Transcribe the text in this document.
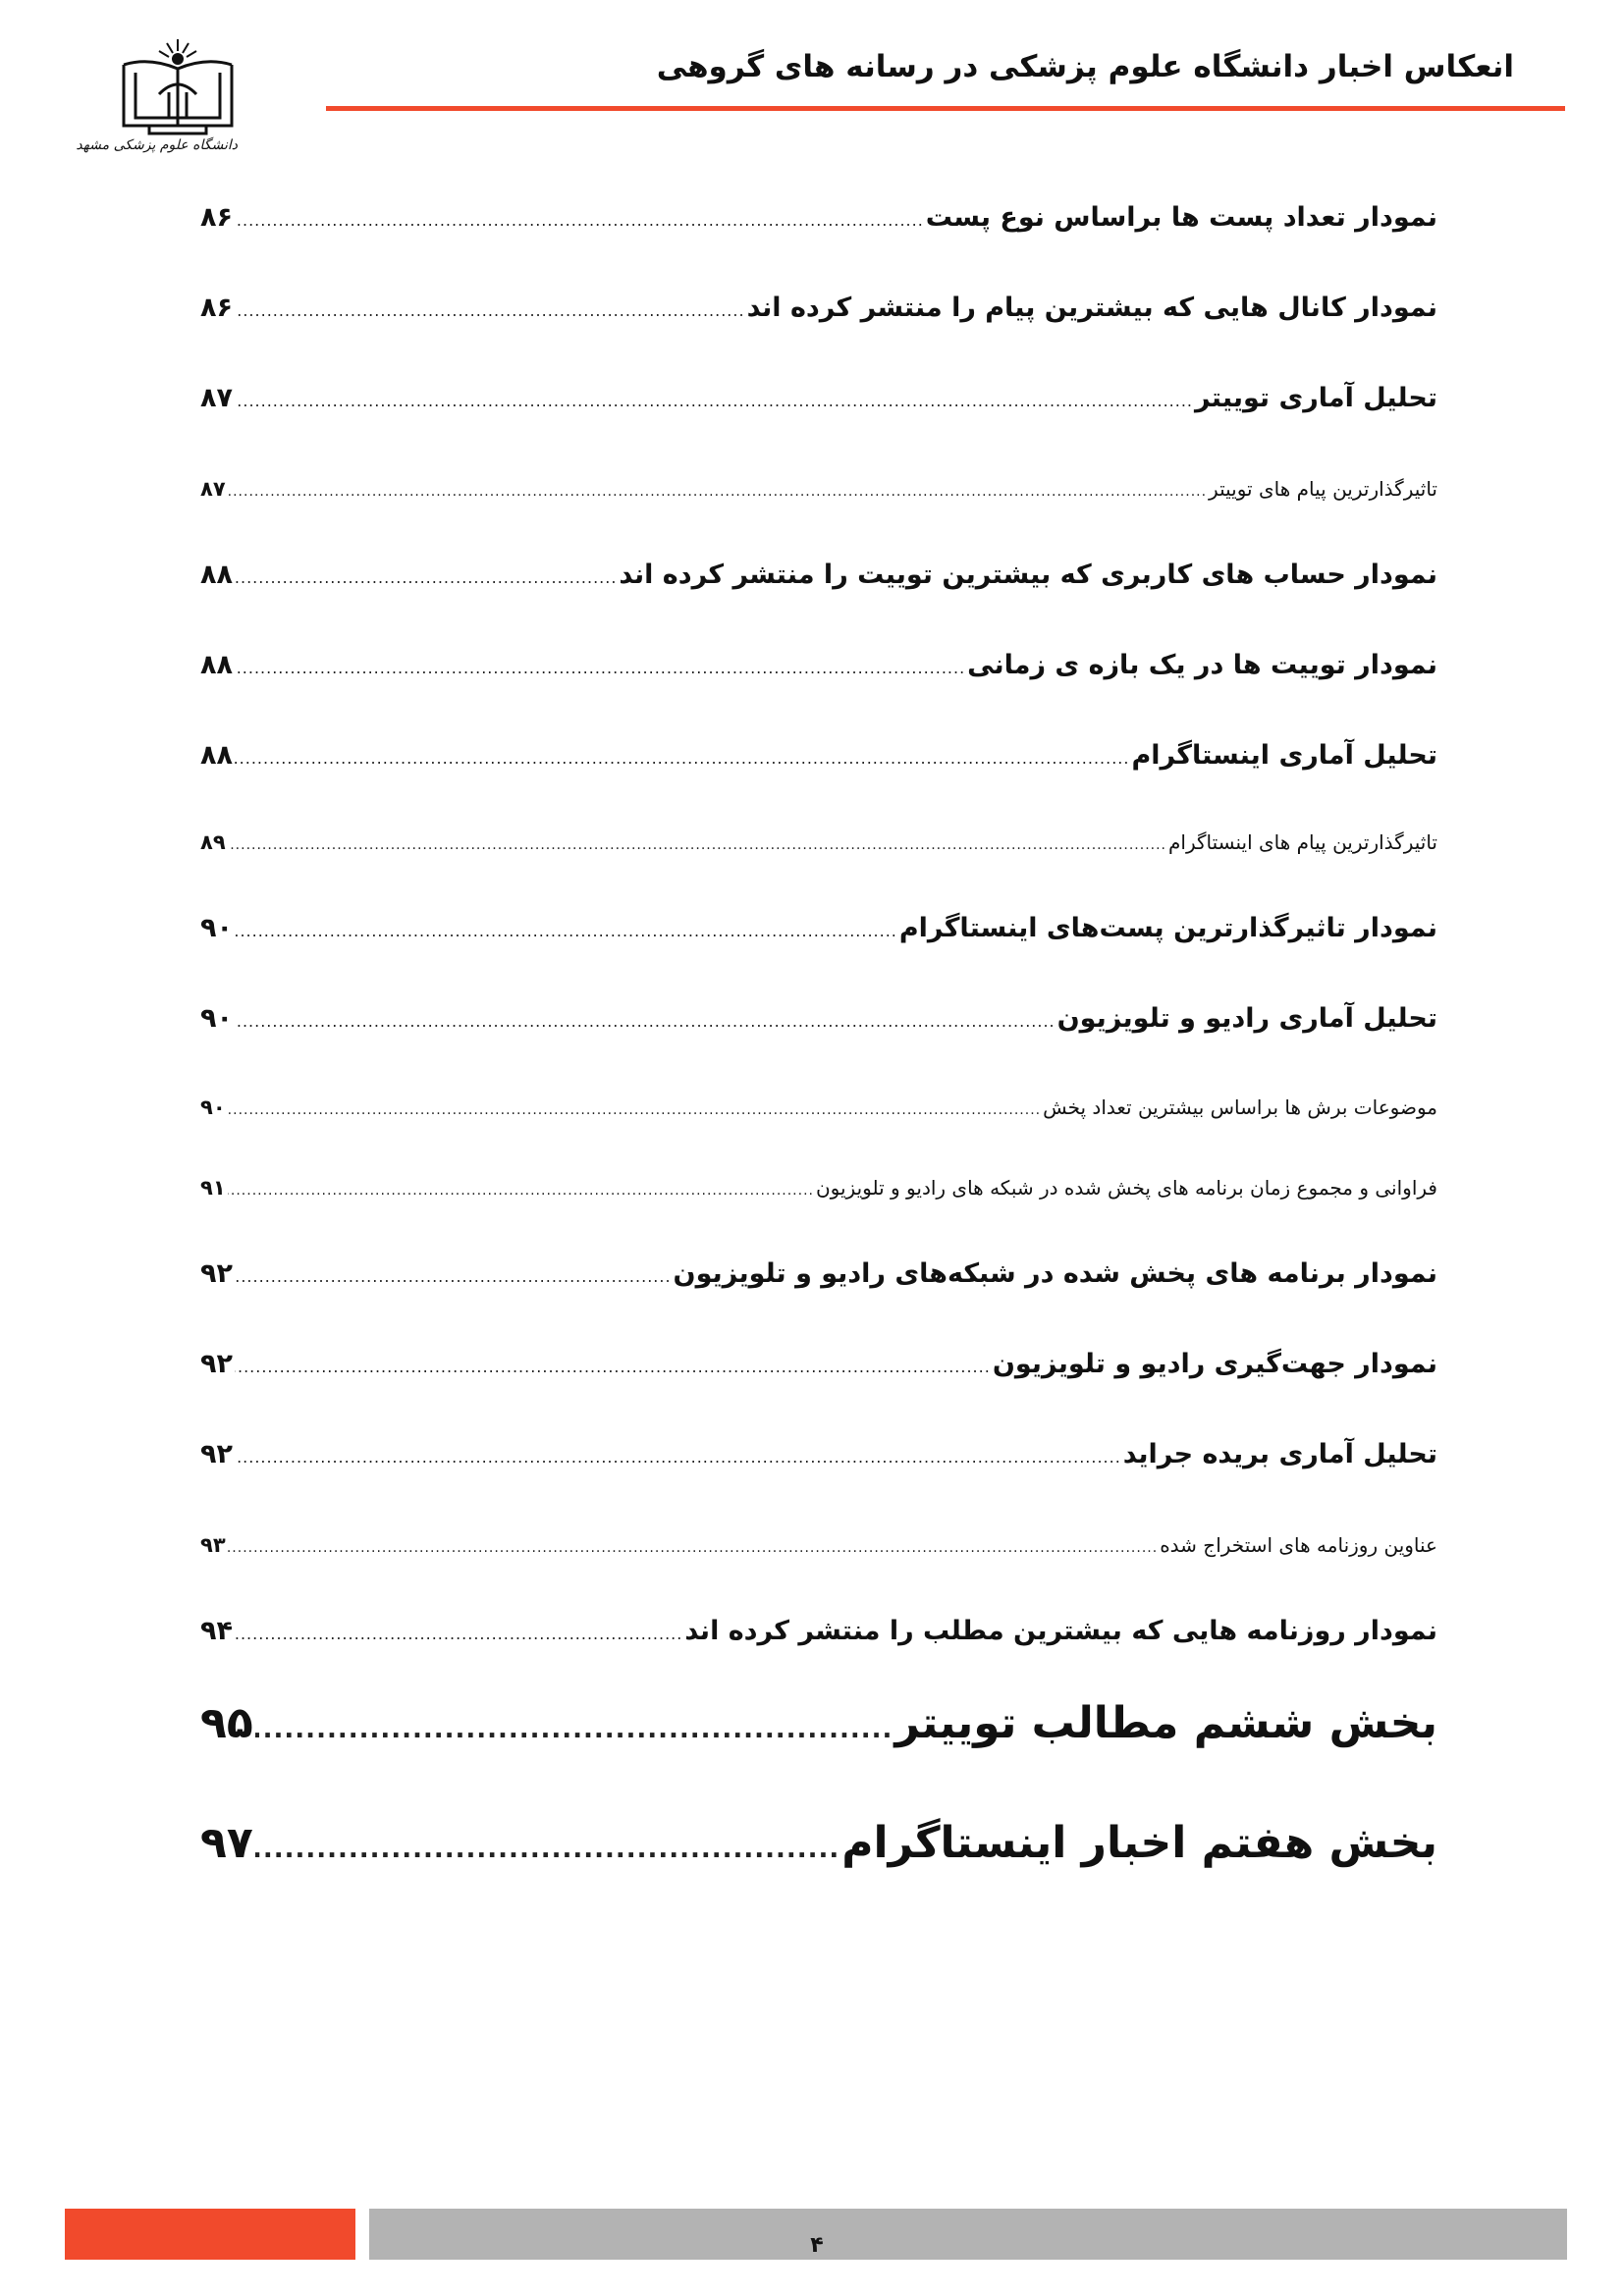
دانشگاه علوم پزشکی مشهد
انعکاس اخبار دانشگاه علوم پزشکی در رسانه های گروهی
نمودار تعداد پست ها براساس نوع پست
.....
۸۶
نمودار کانال هایی که بیشترین پیام را منتشر کرده اند
.....
۸۶
تحلیل آماری توییتر
.....
۸۷
تاثیرگذارترین پیام های توییتر
.....
۸۷
نمودار حساب های کاربری که بیشترین توییت را منتشر کرده اند
.....
۸۸
نمودار توییت ها در یک بازه ی زمانی
.....
۸۸
تحلیل آماری اینستاگرام
.....
۸۸
تاثیرگذارترین پیام های اینستاگرام
.....
۸۹
نمودار تاثیرگذارترین پست‌های اینستاگرام
.....
۹۰
تحلیل آماری رادیو و تلویزیون
.....
۹۰
موضوعات برش ها براساس بیشترین تعداد پخش
.....
۹۰
فراوانی و مجموع زمان برنامه های پخش شده در شبکه های رادیو و تلویزیون
.....
۹۱
نمودار برنامه های پخش شده در شبکه‌های رادیو و تلویزیون
.....
۹۲
نمودار جهت‌گیری رادیو و تلویزیون
.....
۹۲
تحلیل آماری بریده جراید
.....
۹۲
عناوین روزنامه های استخراج شده
.....
۹۳
نمودار روزنامه هایی که بیشترین مطلب را منتشر کرده اند
.....
۹۴
بخش ششم مطالب توییتر
.....
۹۵
بخش هفتم اخبار اینستاگرام
.....
۹۷
۴
